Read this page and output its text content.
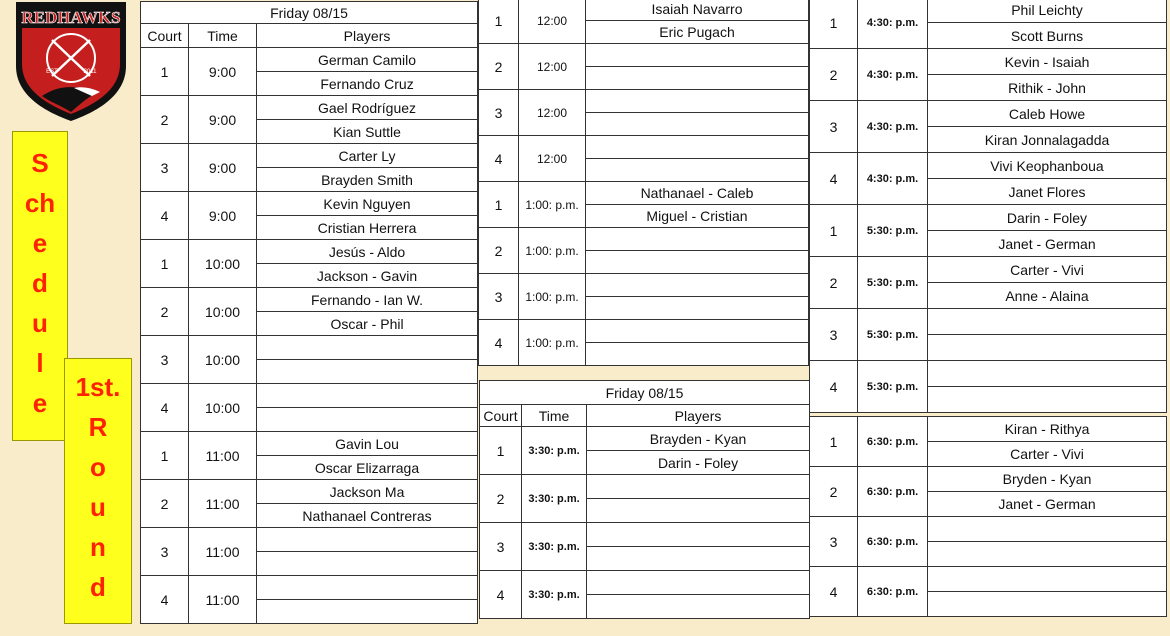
REDHAWKS
EST	2011

S
ch
e
d
u
l
e

1st.
R
o
u
n
d

Friday 08/15		
Court	Time	Players
1	9:00	German Camilo
		Fernando Cruz
2	9:00	Gael Rodríguez
		Kian Suttle
3	9:00	Carter Ly
		Brayden Smith
4	9:00	Kevin Nguyen
		Cristian Herrera
1	10:00	Jesús - Aldo
		Jackson - Gavin
2	10:00	Fernando - Ian W.
		Oscar - Phil
3	10:00	

4	10:00	

1	11:00	Gavin Lou
		Oscar Elizarraga
2	11:00	Jackson Ma
		Nathanael Contreras
3	11:00	

4	11:00	

1	12:00	Isaiah Navarro
		Eric Pugach
2	12:00	

3	12:00	

4	12:00	

1	1:00: p.m.	Nathanael - Caleb
		Miguel - Cristian
2	1:00: p.m.	

3	1:00: p.m.	

4	1:00: p.m.	

Friday 08/15		
Court	Time	Players
1	3:30: p.m.	Brayden - Kyan
		Darin - Foley
2	3:30: p.m.	

3	3:30: p.m.	

4	3:30: p.m.	

1	4:30: p.m.	Phil Leichty
		Scott Burns
2	4:30: p.m.	Kevin - Isaiah
		Rithik - John
3	4:30: p.m.	Caleb Howe
		Kiran Jonnalagadda
4	4:30: p.m.	Vivi Keophanboua
		Janet Flores
1	5:30: p.m.	Darin - Foley
		Janet - German
2	5:30: p.m.	Carter - Vivi
		Anne - Alaina
3	5:30: p.m.	

4	5:30: p.m.	

1	6:30: p.m.	Kiran - Rithya
		Carter - Vivi
2	6:30: p.m.	Bryden - Kyan
		Janet - German
3	6:30: p.m.	

4	6:30: p.m.	
